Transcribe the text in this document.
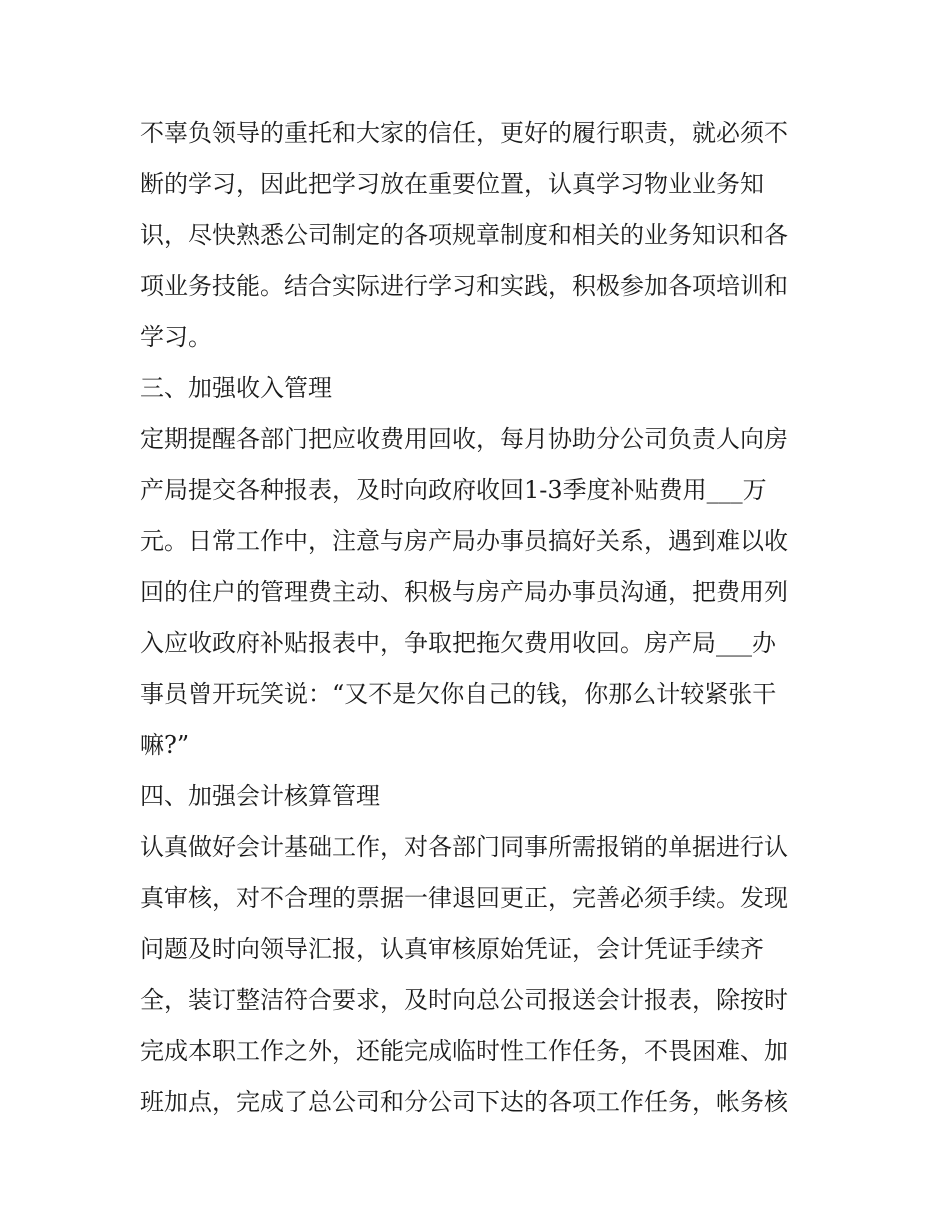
不辜负领导的重托和大家的信任，更好的履行职责，就必须不
断的学习，因此把学习放在重要位置，认真学习物业业务知
识，尽快熟悉公司制定的各项规章制度和相关的业务知识和各
项业务技能。结合实际进行学习和实践，积极参加各项培训和
学习。
三、加强收入管理
定期提醒各部门把应收费用回收，每月协助分公司负责人向房
产局提交各种报表，及时向政府收回1-3季度补贴费用___万
元。日常工作中，注意与房产局办事员搞好关系，遇到难以收
回的住户的管理费主动、积极与房产局办事员沟通，把费用列
入应收政府补贴报表中，争取把拖欠费用收回。房产局___办
事员曾开玩笑说：“又不是欠你自己的钱，你那么计较紧张干
嘛?”
四、加强会计核算管理
认真做好会计基础工作，对各部门同事所需报销的单据进行认
真审核，对不合理的票据一律退回更正，完善必须手续。发现
问题及时向领导汇报，认真审核原始凭证，会计凭证手续齐
全，装订整洁符合要求，及时向总公司报送会计报表，除按时
完成本职工作之外，还能完成临时性工作任务，不畏困难、加
班加点，完成了总公司和分公司下达的各项工作任务，帐务核
